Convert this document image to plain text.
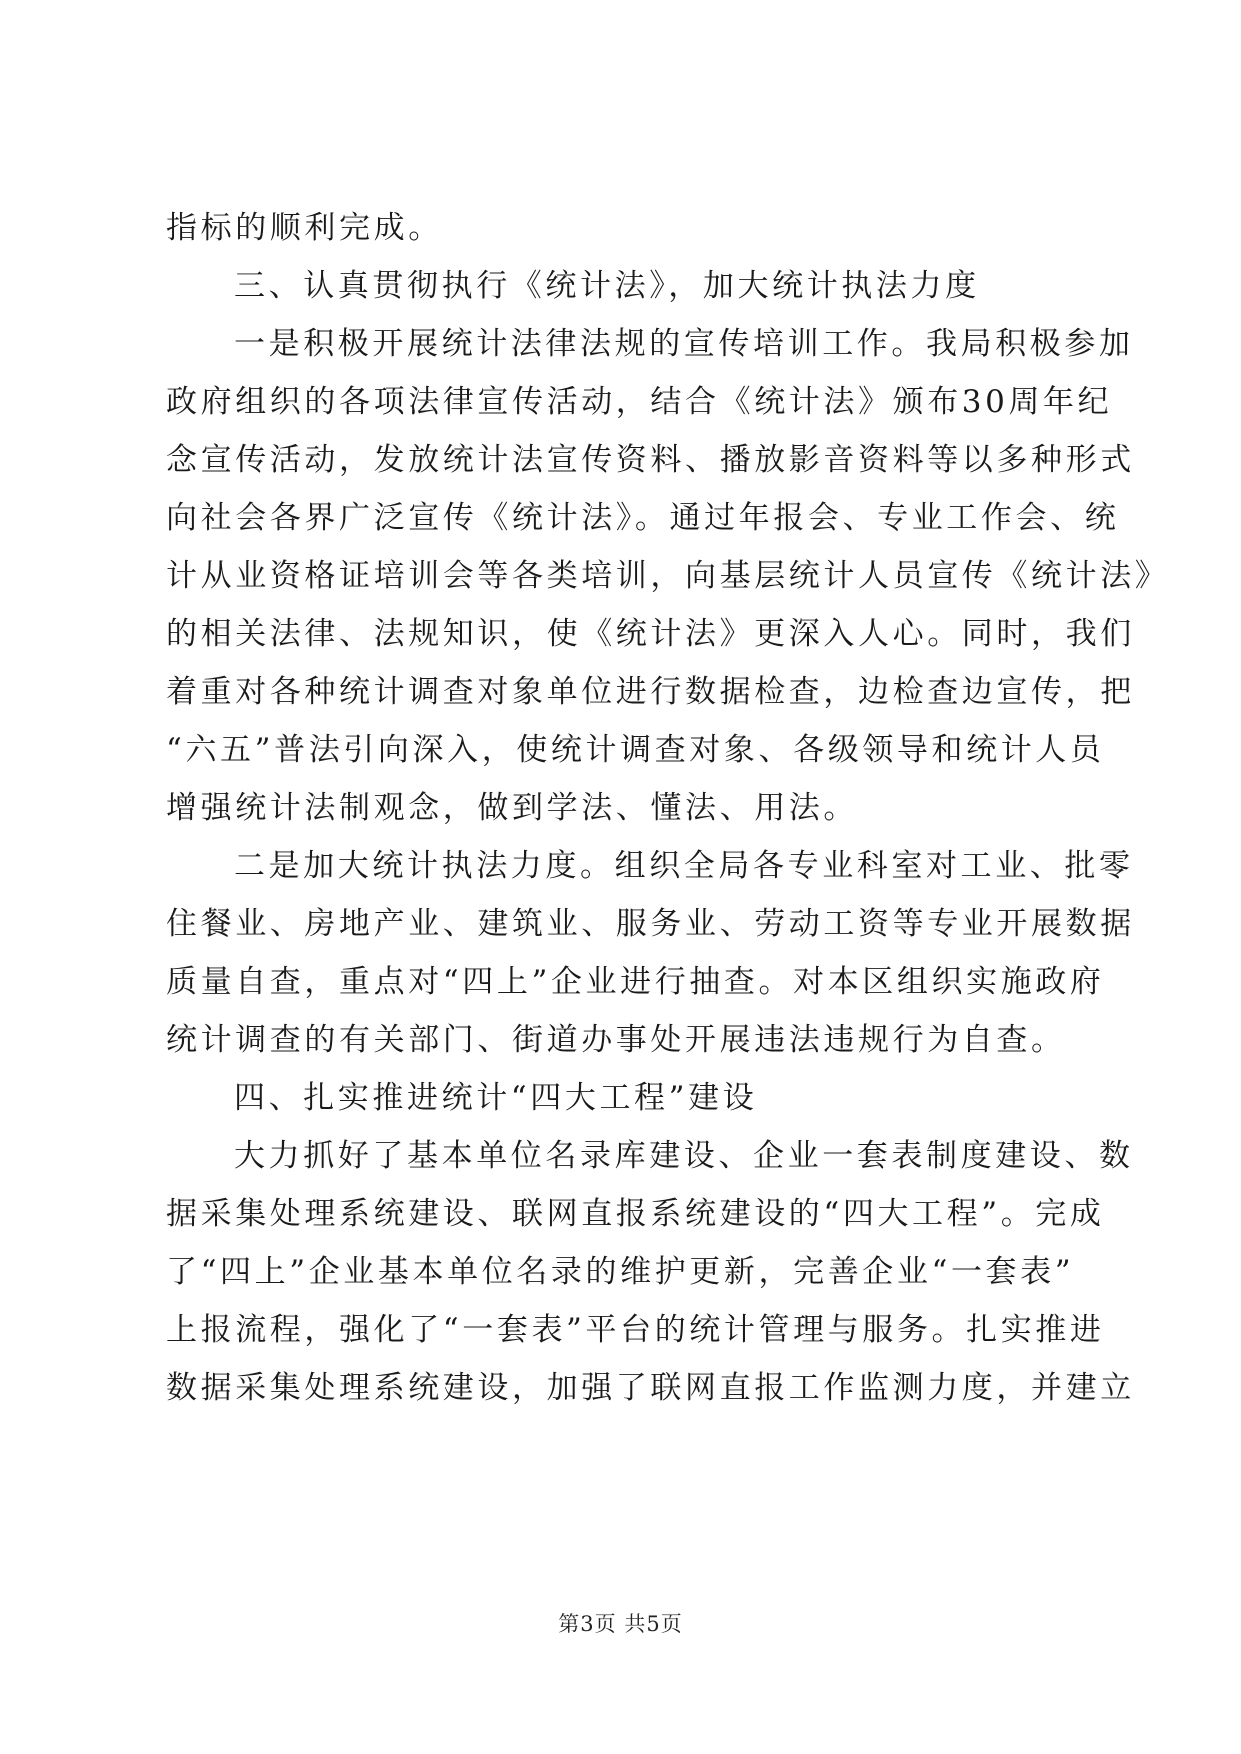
指标的顺利完成。
三、认真贯彻执行《统计法》，加大统计执法力度
一是积极开展统计法律法规的宣传培训工作。我局积极参加
政府组织的各项法律宣传活动，结合《统计法》颁布30周年纪
念宣传活动，发放统计法宣传资料、播放影音资料等以多种形式
向社会各界广泛宣传《统计法》。通过年报会、专业工作会、统
计从业资格证培训会等各类培训，向基层统计人员宣传《统计法》
的相关法律、法规知识，使《统计法》更深入人心。同时，我们
着重对各种统计调查对象单位进行数据检查，边检查边宣传，把
“六五”普法引向深入，使统计调查对象、各级领导和统计人员
增强统计法制观念，做到学法、懂法、用法。
二是加大统计执法力度。组织全局各专业科室对工业、批零
住餐业、房地产业、建筑业、服务业、劳动工资等专业开展数据
质量自查，重点对“四上”企业进行抽查。对本区组织实施政府
统计调查的有关部门、街道办事处开展违法违规行为自查。
四、扎实推进统计“四大工程”建设
大力抓好了基本单位名录库建设、企业一套表制度建设、数
据采集处理系统建设、联网直报系统建设的“四大工程”。完成
了“四上”企业基本单位名录的维护更新，完善企业“一套表”
上报流程，强化了“一套表”平台的统计管理与服务。扎实推进
数据采集处理系统建设，加强了联网直报工作监测力度，并建立
第3页 共5页
